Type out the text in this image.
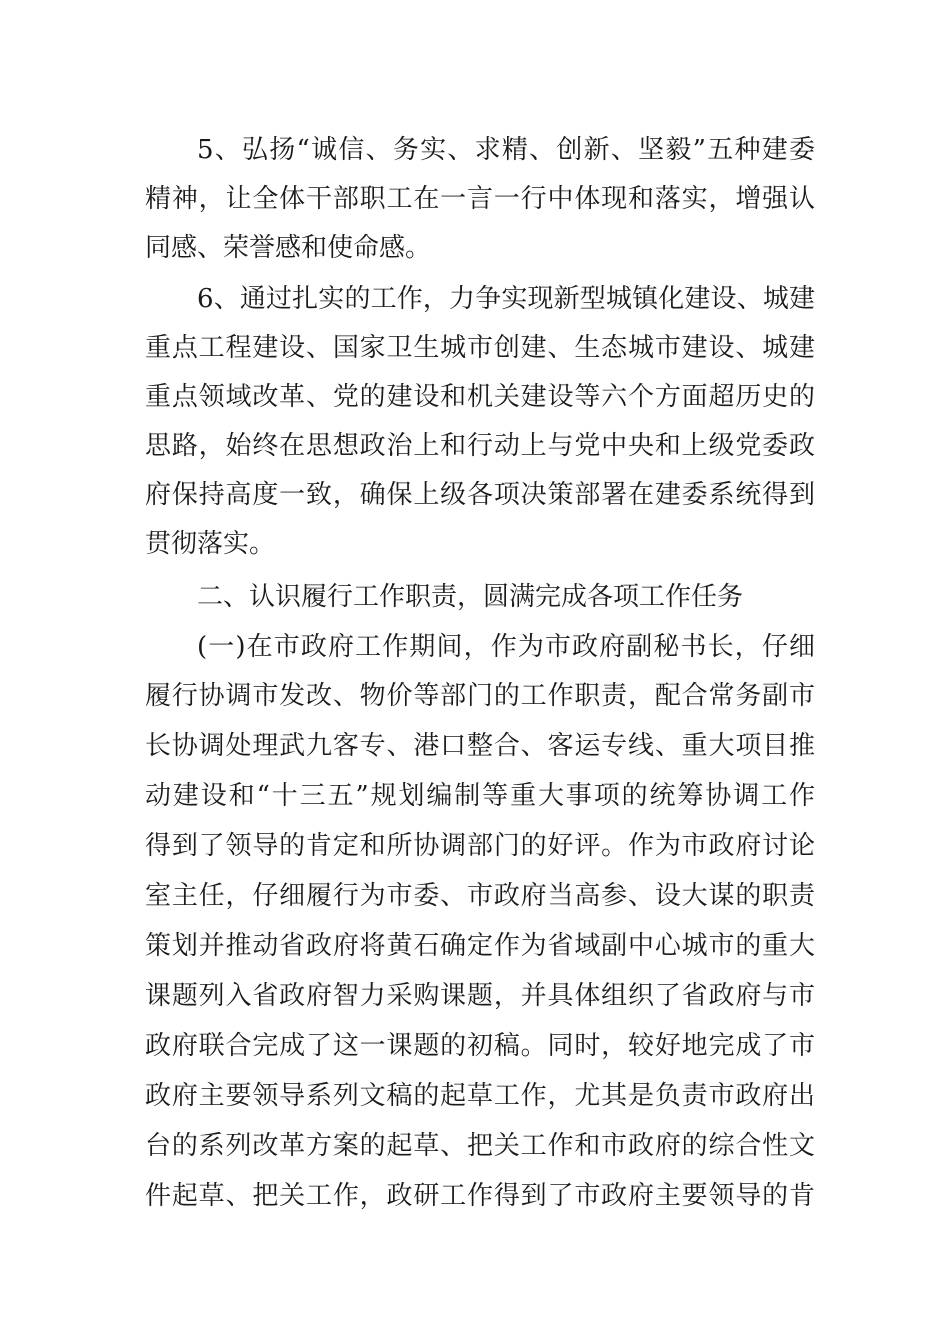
5、弘扬“诚信、务实、求精、创新、坚毅”五种建委
精神，让全体干部职工在一言一行中体现和落实，增强认
同感、荣誉感和使命感。
6、通过扎实的工作，力争实现新型城镇化建设、城建
重点工程建设、国家卫生城市创建、生态城市建设、城建
重点领域改革、党的建设和机关建设等六个方面超历史的
思路，始终在思想政治上和行动上与党中央和上级党委政
府保持高度一致，确保上级各项决策部署在建委系统得到
贯彻落实。
二、认识履行工作职责，圆满完成各项工作任务
(一)在市政府工作期间，作为市政府副秘书长，仔细
履行协调市发改、物价等部门的工作职责，配合常务副市
长协调处理武九客专、港口整合、客运专线、重大项目推
动建设和“十三五”规划编制等重大事项的统筹协调工作
得到了领导的肯定和所协调部门的好评。作为市政府讨论
室主任，仔细履行为市委、市政府当高参、设大谋的职责
策划并推动省政府将黄石确定作为省域副中心城市的重大
课题列入省政府智力采购课题，并具体组织了省政府与市
政府联合完成了这一课题的初稿。同时，较好地完成了市
政府主要领导系列文稿的起草工作，尤其是负责市政府出
台的系列改革方案的起草、把关工作和市政府的综合性文
件起草、把关工作，政研工作得到了市政府主要领导的肯
